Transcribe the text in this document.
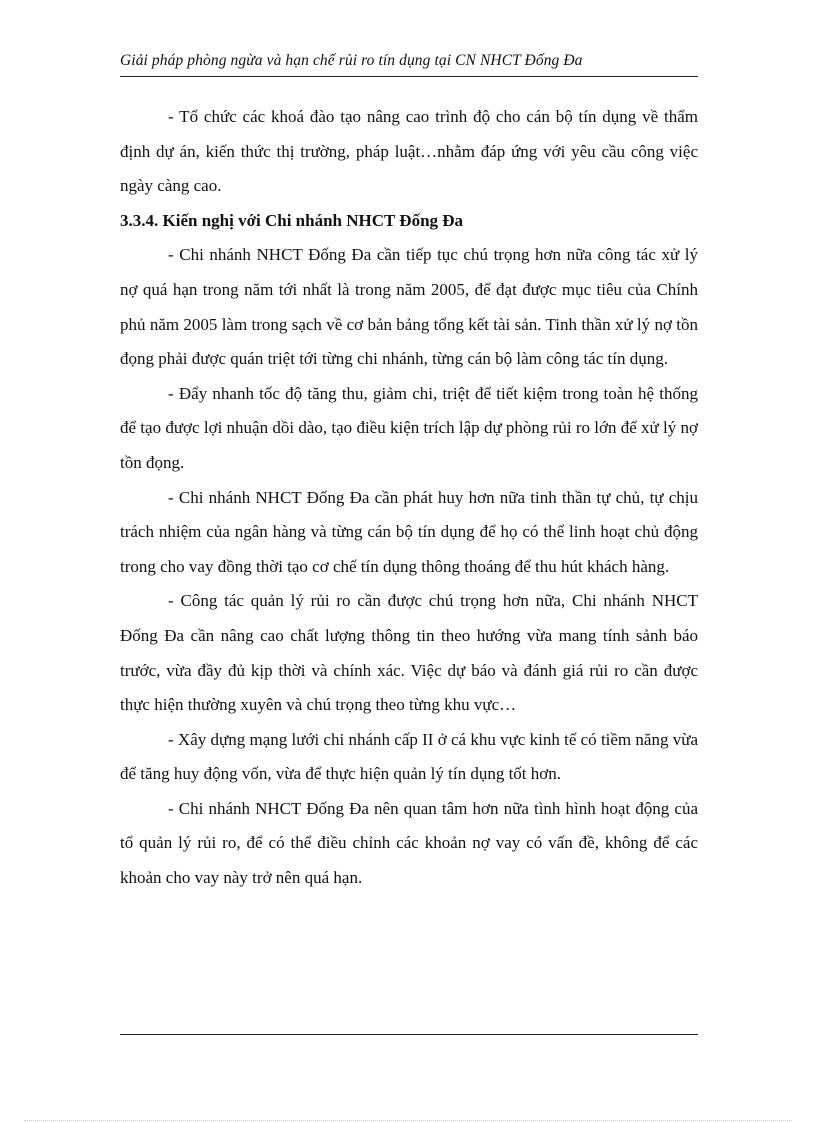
Giải pháp phòng ngừa và hạn chế rủi ro tín dụng tại CN NHCT Đống Đa

- Tổ chức các khoá đào tạo nâng cao trình độ cho cán bộ tín dụng về thẩm định dự án, kiến thức thị trường, pháp luật…nhằm đáp ứng với yêu cầu công việc ngày càng cao.

3.3.4. Kiến nghị với Chi nhánh NHCT Đống Đa

- Chi nhánh NHCT Đống Đa cần tiếp tục chú trọng hơn nữa công tác xử lý nợ quá hạn trong năm tới nhất là trong năm 2005, để đạt được mục tiêu của Chính phủ năm 2005 làm trong sạch về cơ bản bảng tổng kết tài sản. Tinh thần xử lý nợ tồn đọng phải được quán triệt tới từng chi nhánh, từng cán bộ làm công tác tín dụng.

- Đẩy nhanh tốc độ tăng thu, giảm chi, triệt để tiết kiệm trong toàn hệ thống để tạo được lợi nhuận dồi dào, tạo điều kiện trích lập dự phòng rủi ro lớn để xử lý nợ tồn đọng.

- Chi nhánh NHCT Đống Đa cần phát huy hơn nữa tinh thần tự chủ, tự chịu trách nhiệm của ngân hàng và từng cán bộ tín dụng để họ có thể linh hoạt chủ động trong cho vay đồng thời tạo cơ chế tín dụng thông thoáng để thu hút khách hàng.

- Công tác quản lý rủi ro cần được chú trọng hơn nữa, Chi nhánh NHCT Đống Đa cần nâng cao chất lượng thông tin theo hướng vừa mang tính sảnh báo trước, vừa đầy đủ kịp thời và chính xác. Việc dự báo và đánh giá rủi ro cần được thực hiện thường xuyên và chú trọng theo từng khu vực…

- Xây dựng mạng lưới chi nhánh cấp II ở cá khu vực kinh tế có tiềm năng vừa để tăng huy động vốn, vừa để thực hiện quản lý tín dụng tốt hơn.

- Chi nhánh NHCT Đống Đa nên quan tâm hơn nữa tình hình hoạt động của tổ quản lý rủi ro, để có thể điều chỉnh các khoản nợ vay có vấn đề, không để các khoản cho vay này trở nên quá hạn.
